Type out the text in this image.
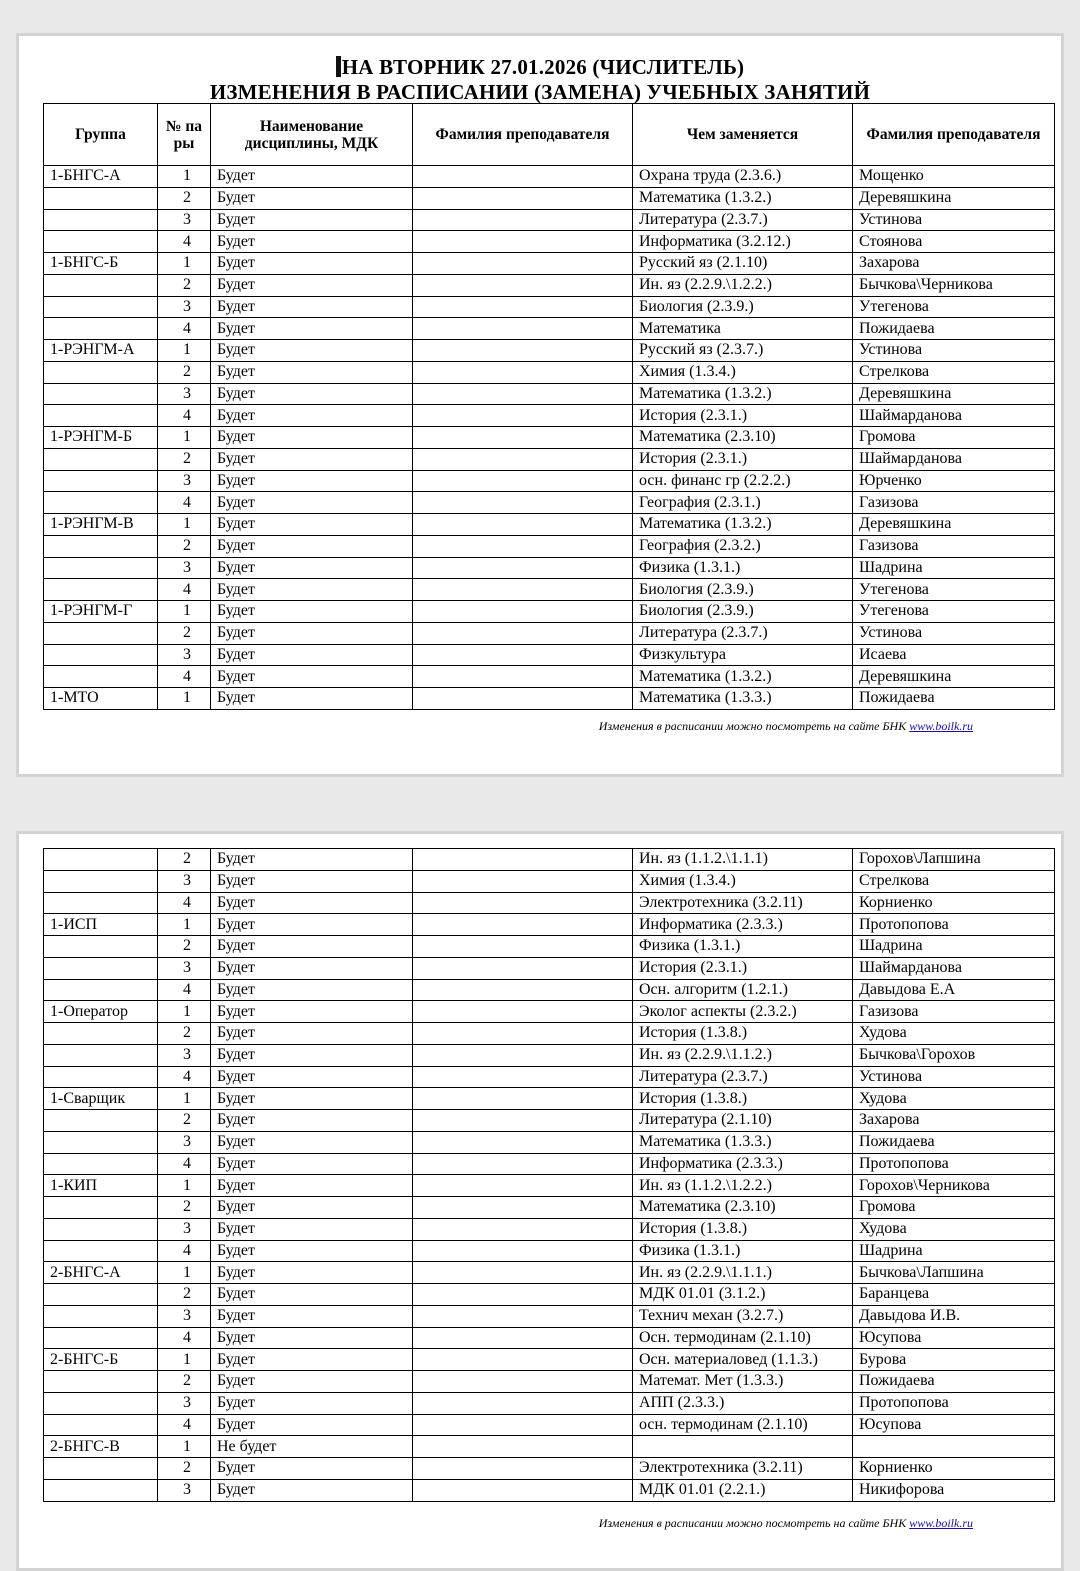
НА ВТОРНИК 27.01.2026 (ЧИСЛИТЕЛЬ)
ИЗМЕНЕНИЯ В РАСПИСАНИИ (ЗАМЕНА) УЧЕБНЫХ ЗАНЯТИЙ
Группа	№ па ры	Наименование дисциплины, МДК	Фамилия преподавателя	Чем заменяется	Фамилия преподавателя
1-БНГС-А	1	Будет		Охрана труда (2.3.6.)	Мощенко
	2	Будет		Математика (1.3.2.)	Деревяшкина
	3	Будет		Литература (2.3.7.)	Устинова
	4	Будет		Информатика (3.2.12.)	Стоянова
1-БНГС-Б	1	Будет		Русский яз (2.1.10)	Захарова
	2	Будет		Ин. яз (2.2.9.\1.2.2.)	Бычкова\Черникова
	3	Будет		Биология (2.3.9.)	Утегенова
	4	Будет		Математика	Пожидаева
1-РЭНГМ-А	1	Будет		Русский яз (2.3.7.)	Устинова
	2	Будет		Химия (1.3.4.)	Стрелкова
	3	Будет		Математика (1.3.2.)	Деревяшкина
	4	Будет		История (2.3.1.)	Шаймарданова
1-РЭНГМ-Б	1	Будет		Математика (2.3.10)	Громова
	2	Будет		История (2.3.1.)	Шаймарданова
	3	Будет		осн. финанс гр (2.2.2.)	Юрченко
	4	Будет		География (2.3.1.)	Газизова
1-РЭНГМ-В	1	Будет		Математика (1.3.2.)	Деревяшкина
	2	Будет		География (2.3.2.)	Газизова
	3	Будет		Физика (1.3.1.)	Шадрина
	4	Будет		Биология (2.3.9.)	Утегенова
1-РЭНГМ-Г	1	Будет		Биология (2.3.9.)	Утегенова
	2	Будет		Литература (2.3.7.)	Устинова
	3	Будет		Физкультура	Исаева
	4	Будет		Математика (1.3.2.)	Деревяшкина
1-МТО	1	Будет		Математика (1.3.3.)	Пожидаева
Изменения в расписании можно посмотреть на сайте БНК www.boilk.ru
	2	Будет		Ин. яз (1.1.2.\1.1.1)	Горохов\Лапшина
	3	Будет		Химия (1.3.4.)	Стрелкова
	4	Будет		Электротехника (3.2.11)	Корниенко
1-ИСП	1	Будет		Информатика (2.3.3.)	Протопопова
	2	Будет		Физика (1.3.1.)	Шадрина
	3	Будет		История (2.3.1.)	Шаймарданова
	4	Будет		Осн. алгоритм (1.2.1.)	Давыдова Е.А
1-Оператор	1	Будет		Эколог аспекты (2.3.2.)	Газизова
	2	Будет		История (1.3.8.)	Худова
	3	Будет		Ин. яз (2.2.9.\1.1.2.)	Бычкова\Горохов
	4	Будет		Литература (2.3.7.)	Устинова
1-Сварщик	1	Будет		История (1.3.8.)	Худова
	2	Будет		Литература (2.1.10)	Захарова
	3	Будет		Математика (1.3.3.)	Пожидаева
	4	Будет		Информатика (2.3.3.)	Протопопова
1-КИП	1	Будет		Ин. яз (1.1.2.\1.2.2.)	Горохов\Черникова
	2	Будет		Математика (2.3.10)	Громова
	3	Будет		История (1.3.8.)	Худова
	4	Будет		Физика (1.3.1.)	Шадрина
2-БНГС-А	1	Будет		Ин. яз (2.2.9.\1.1.1.)	Бычкова\Лапшина
	2	Будет		МДК 01.01 (3.1.2.)	Баранцева
	3	Будет		Технич механ (3.2.7.)	Давыдова И.В.
	4	Будет		Осн. термодинам (2.1.10)	Юсупова
2-БНГС-Б	1	Будет		Осн. материаловед (1.1.3.)	Бурова
	2	Будет		Математ. Мет (1.3.3.)	Пожидаева
	3	Будет		АПП (2.3.3.)	Протопопова
	4	Будет		осн. термодинам (2.1.10)	Юсупова
2-БНГС-В	1	Не будет			
	2	Будет		Электротехника (3.2.11)	Корниенко
	3	Будет		МДК 01.01 (2.2.1.)	Никифорова
Изменения в расписании можно посмотреть на сайте БНК www.boilk.ru
